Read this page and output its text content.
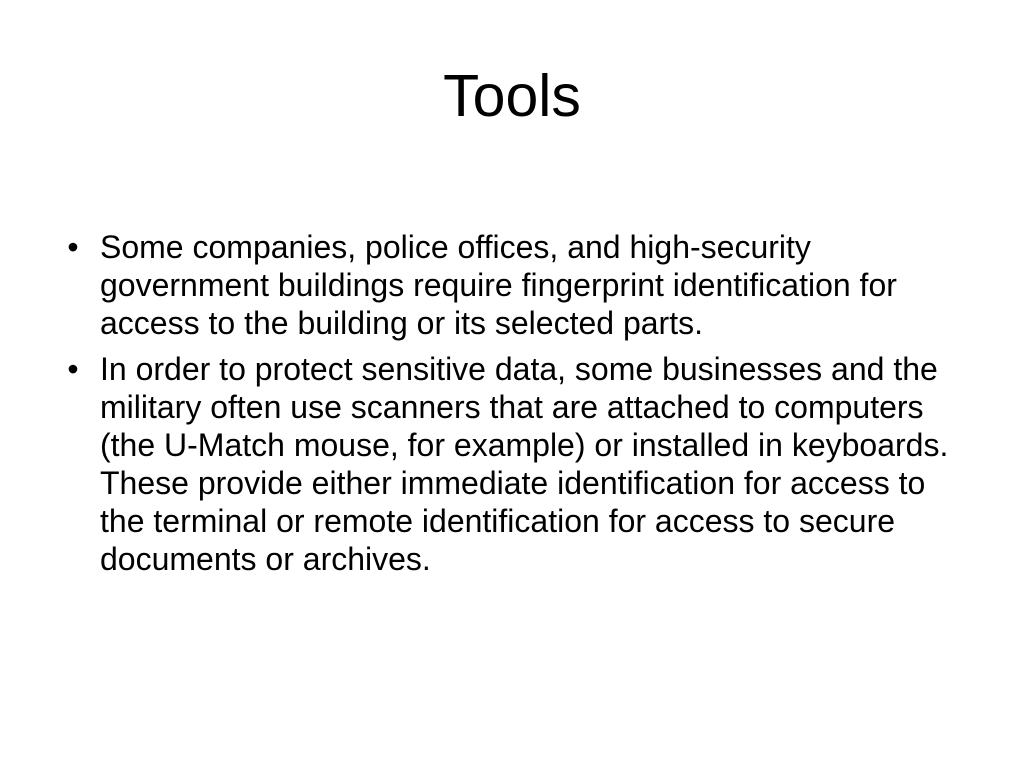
Tools
• Some companies, police offices, and high-security government buildings require fingerprint identification for access to the building or its selected parts.
• In order to protect sensitive data, some businesses and the military often use scanners that are attached to computers (the U-Match mouse, for example) or installed in keyboards. These provide either immediate identification for access to the terminal or remote identification for access to secure documents or archives.
